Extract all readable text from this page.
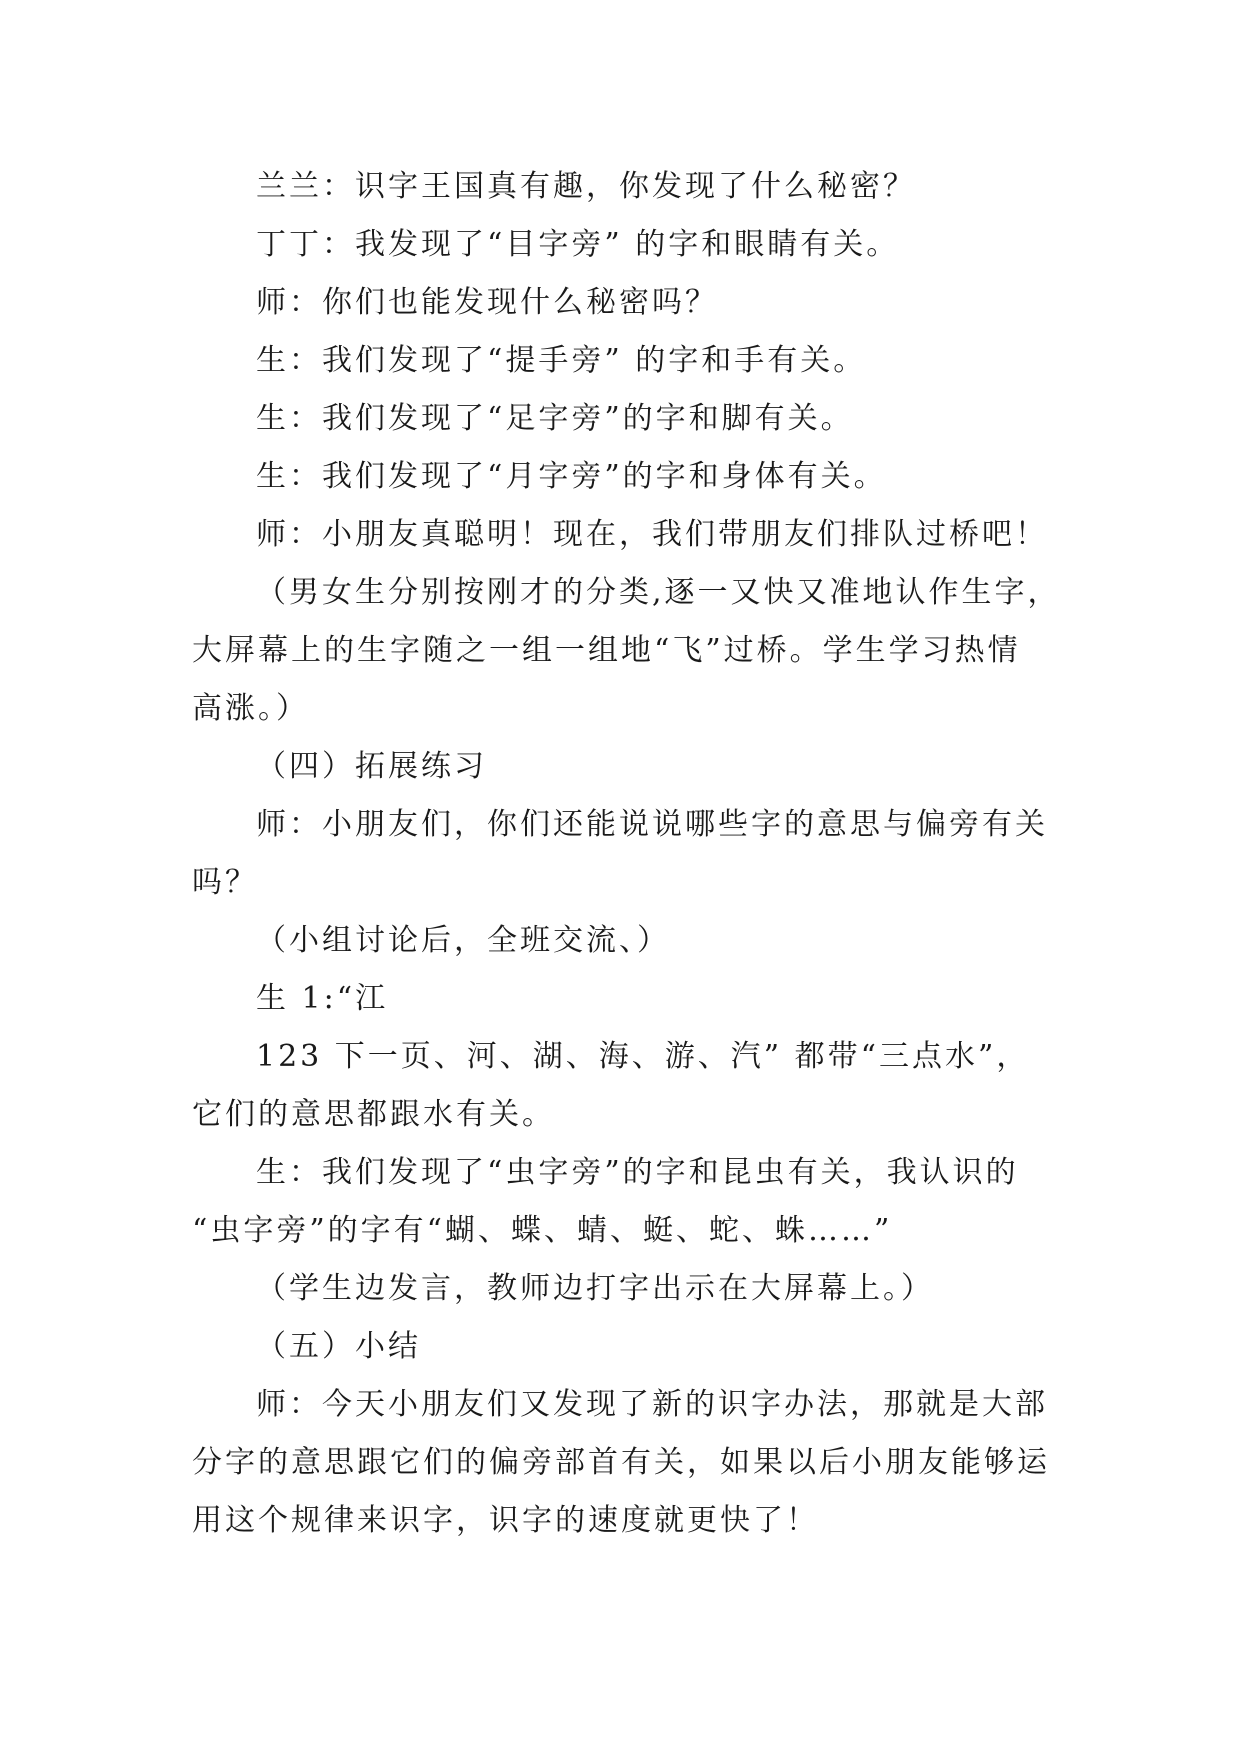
兰兰：识字王国真有趣，你发现了什么秘密？

丁丁：我发现了“目字旁” 的字和眼睛有关。

师：你们也能发现什么秘密吗？

生：我们发现了“提手旁” 的字和手有关。

生：我们发现了“足字旁”的字和脚有关。

生：我们发现了“月字旁”的字和身体有关。

师：小朋友真聪明！现在，我们带朋友们排队过桥吧！

（男女生分别按刚才的分类,逐一又快又准地认作生字，

大屏幕上的生字随之一组一组地“飞”过桥。学生学习热情

高涨。）

（四）拓展练习

师：小朋友们，你们还能说说哪些字的意思与偏旁有关

吗？

（小组讨论后，全班交流、）

生 1:“江

123 下一页、河、湖、海、游、汽” 都带“三点水”，

它们的意思都跟水有关。

生：我们发现了“虫字旁”的字和昆虫有关，我认识的

“虫字旁”的字有“蝴、蝶、蜻、蜓、蛇、蛛……”

（学生边发言，教师边打字出示在大屏幕上。）

（五）小结

师：今天小朋友们又发现了新的识字办法，那就是大部

分字的意思跟它们的偏旁部首有关，如果以后小朋友能够运

用这个规律来识字，识字的速度就更快了！
